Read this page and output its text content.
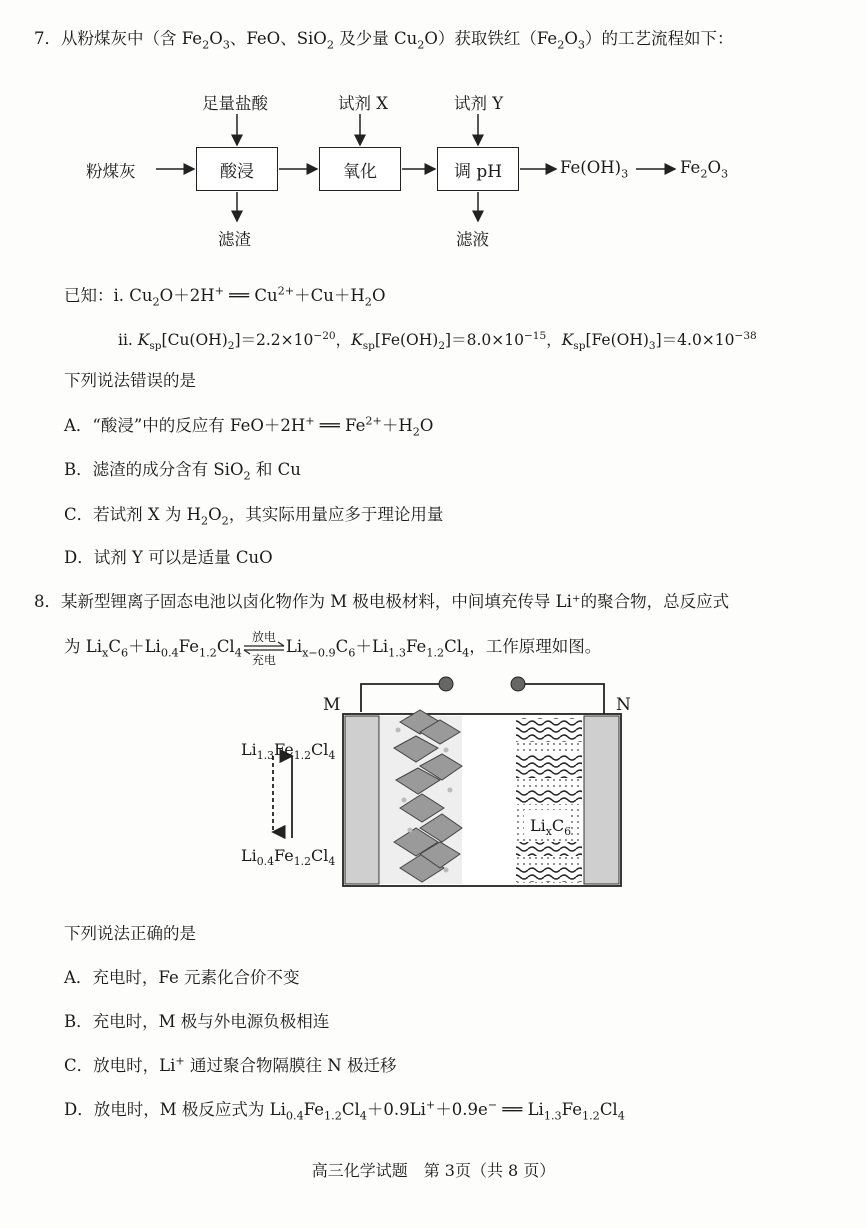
7．从粉煤灰中（含 $Fe_2O_3$、FeO、SiO$_2$ 及少量 $Cu_2O$）获取铁红$(Fe_2O_3)$的工艺流程如下：
足量盐酸	试剂 X	试剂 Y
粉煤灰	酸浸	氧化	调 pH	$Fe(OH)_3$	$Fe_2O_3$
滤渣	滤液
已知：i. $Cu_2O+2H^+$ ══ $Cu^{2+}+Cu+H_2O$
ii. $K_{sp}[Cu(OH)_2]=2.2\times 10^{-20}$，$K_{sp}[Fe(OH)_2]=8.0\times 10^{-15}$，$K_{sp}[Fe(OH)_3]=4.0\times 10^{-38}$
下列说法错误的是
A．“酸浸”中的反应有 FeO＋2H+ ══ $Fe^{2+}+H_2O$
B．滤渣的成分含有 SiO$_2$ 和 Cu
C．若试剂 X 为 $H_2O_2$，其实际用量应多于理论用量
D．试剂 Y 可以是适量 CuO
8．某新型锂离子固态电池以卤化物作为 M 极电极材料，中间填充传导 Li⁺的聚合物，总反应式
为 $Li_xC_6+Li_{0.4}Fe_{1.2}Cl_4$
放电
充电
$Li_{x-0.9}C_6+Li_{1.3}Fe_{1.2}Cl_4$，工作原理如图。
M	N
$Li_{1.3}Fe_{1.2}Cl_4$
$Li_{0.4}Fe_{1.2}Cl_4$
$Li_xC_6$
下列说法正确的是
A．充电时，Fe 元素化合价不变
B．充电时，M 极与外电源负极相连
C．放电时，Li+ 通过聚合物隔膜往 N 极迁移
D．放电时，M 极反应式为 $Li_{0.4}Fe_{1.2}Cl_4+0.9Li^++0.9e^-$ ══ $Li_{1.3}Fe_{1.2}Cl_4$
高三化学试题　第 3页（共 8 页）
